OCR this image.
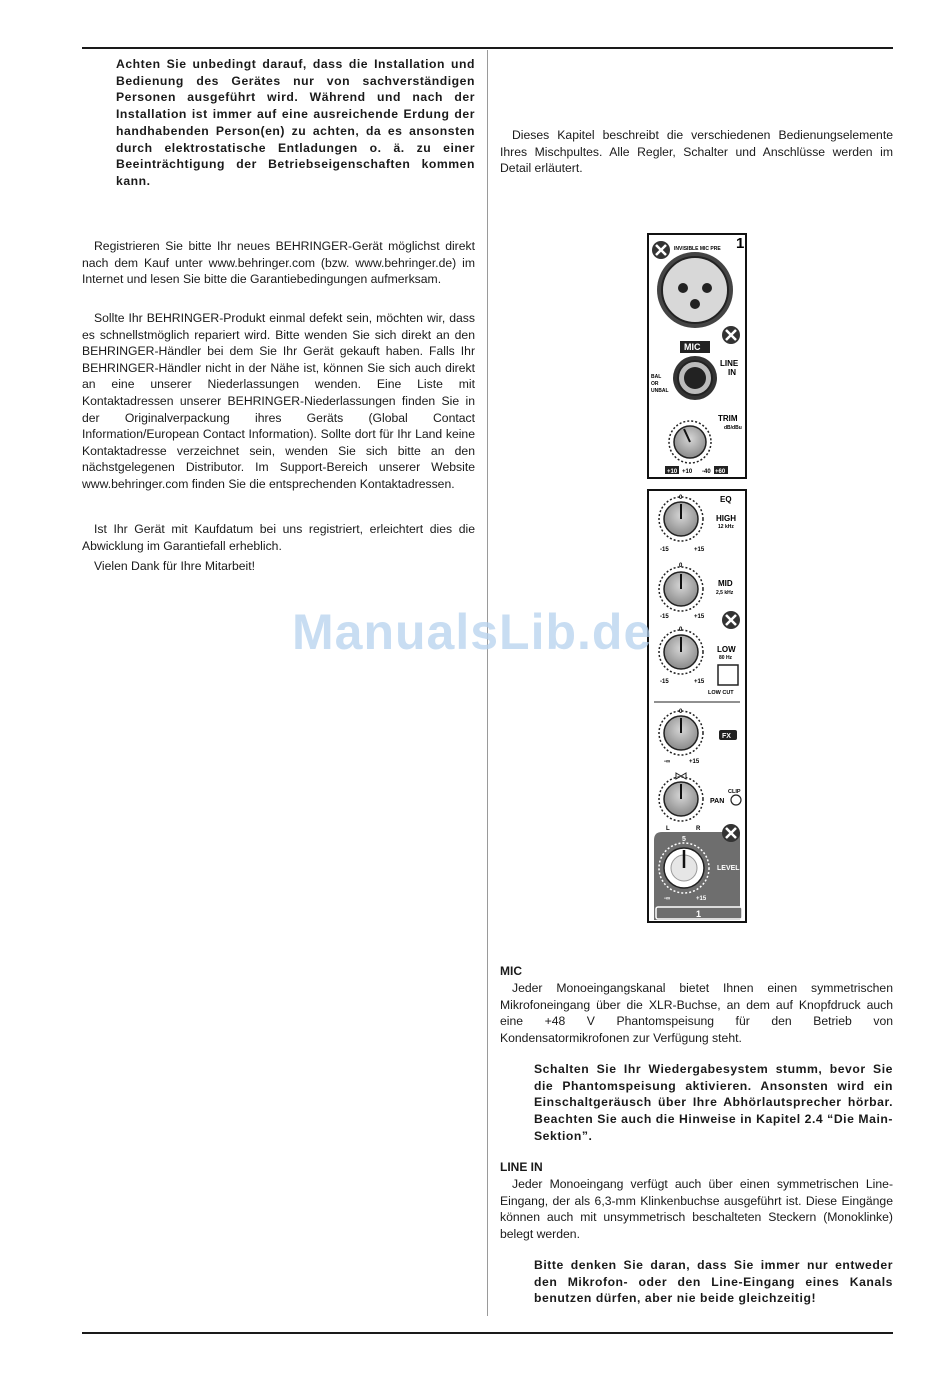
Achten Sie unbedingt darauf, dass die Installation und Bedienung des Gerätes nur von sachverständigen Personen ausgeführt wird. Während und nach der Installation ist immer auf eine ausreichende Erdung der handhabenden Person(en) zu achten, da es ansonsten durch elektrostatische Entladungen o. ä. zu einer Beeinträchtigung der Betriebseigenschaften kommen kann.

Registrieren Sie bitte Ihr neues BEHRINGER-Gerät möglichst direkt nach dem Kauf unter www.behringer.com (bzw. www.behringer.de) im Internet und lesen Sie bitte die Garantiebedingungen aufmerksam.

Sollte Ihr BEHRINGER-Produkt einmal defekt sein, möchten wir, dass es schnellstmöglich repariert wird. Bitte wenden Sie sich direkt an den BEHRINGER-Händler bei dem Sie Ihr Gerät gekauft haben. Falls Ihr BEHRINGER-Händler nicht in der Nähe ist, können Sie sich auch direkt an eine unserer Niederlassungen wenden. Eine Liste mit Kontaktadressen unserer BEHRINGER-Niederlassungen finden Sie in der Originalverpackung ihres Geräts (Global Contact Information/European Contact Information). Sollte dort für Ihr Land keine Kontaktadresse verzeichnet sein, wenden Sie sich bitte an den nächstgelegenen Distributor. Im Support-Bereich unserer Website www.behringer.com finden Sie die entsprechenden Kontaktadressen.

Ist Ihr Gerät mit Kaufdatum bei uns registriert, erleichtert dies die Abwicklung im Garantiefall erheblich.

Vielen Dank für Ihre Mitarbeit!

Dieses Kapitel beschreibt die verschiedenen Bedienungselemente Ihres Mischpultes. Alle Regler, Schalter und Anschlüsse werden im Detail erläutert.

MIC

Jeder Monoeingangskanal bietet Ihnen einen symmetrischen Mikrofoneingang über die XLR-Buchse, an dem auf Knopfdruck auch eine +48 V Phantomspeisung für den Betrieb von Kondensatormikrofonen zur Verfügung steht.

Schalten Sie Ihr Wiedergabesystem stumm, bevor Sie die Phantomspeisung aktivieren. Ansonsten wird ein Einschaltgeräusch über Ihre Abhörlautsprecher hörbar. Beachten Sie auch die Hinweise in Kapitel 2.4 “Die Main-Sektion”.

LINE IN

Jeder Monoeingang verfügt auch über einen symmetrischen Line-Eingang, der als 6,3-mm Klinkenbuchse ausgeführt ist. Diese Eingänge können auch mit unsymmetrisch beschalteten Steckern (Monoklinke) belegt werden.

Bitte denken Sie daran, dass Sie immer nur entweder den Mikrofon- oder den Line-Eingang eines Kanals benutzen dürfen, aber nie beide gleichzeitig!

1
INVISIBLE MIC PRE
MIC
LINE
IN
BAL
OR
UNBAL
TRIM
dB/dBu
+10 +10 -40 +60
EQ
0
-15	+15
HIGH
12 kHz
0
-15	+15
MID
2,5 kHz
0
-15	+15
LOW
80 Hz
LOW CUT
0
-∞	+15
FX
L	R
PAN
CLIP
5
-∞	+15
LEVEL
1
ManualsLib.de
